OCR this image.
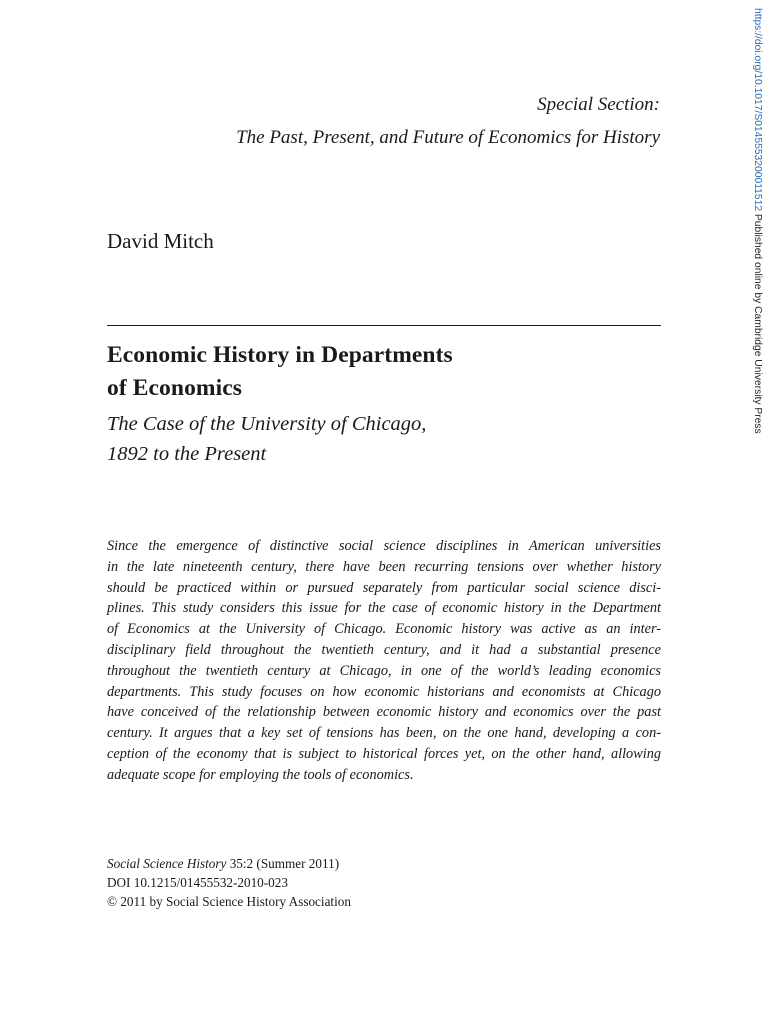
Special Section:
The Past, Present, and Future of Economics for History
David Mitch
Economic History in Departments
of Economics
The Case of the University of Chicago,
1892 to the Present
Since the emergence of distinctive social science disciplines in American universities
in the late nineteenth century, there have been recurring tensions over whether history
should be practiced within or pursued separately from particular social science disci-
plines. This study considers this issue for the case of economic history in the Department
of Economics at the University of Chicago. Economic history was active as an inter-
disciplinary field throughout the twentieth century, and it had a substantial presence
throughout the twentieth century at Chicago, in one of the world’s leading economics
departments. This study focuses on how economic historians and economists at Chicago
have conceived of the relationship between economic history and economics over the past
century. It argues that a key set of tensions has been, on the one hand, developing a con-
ception of the economy that is subject to historical forces yet, on the other hand, allowing
adequate scope for employing the tools of economics.
Social Science History 35:2 (Summer 2011)
DOI 10.1215/01455532-2010-023
© 2011 by Social Science History Association
https://doi.org/10.1017/S0145553200011512 Published online by Cambridge University Press
